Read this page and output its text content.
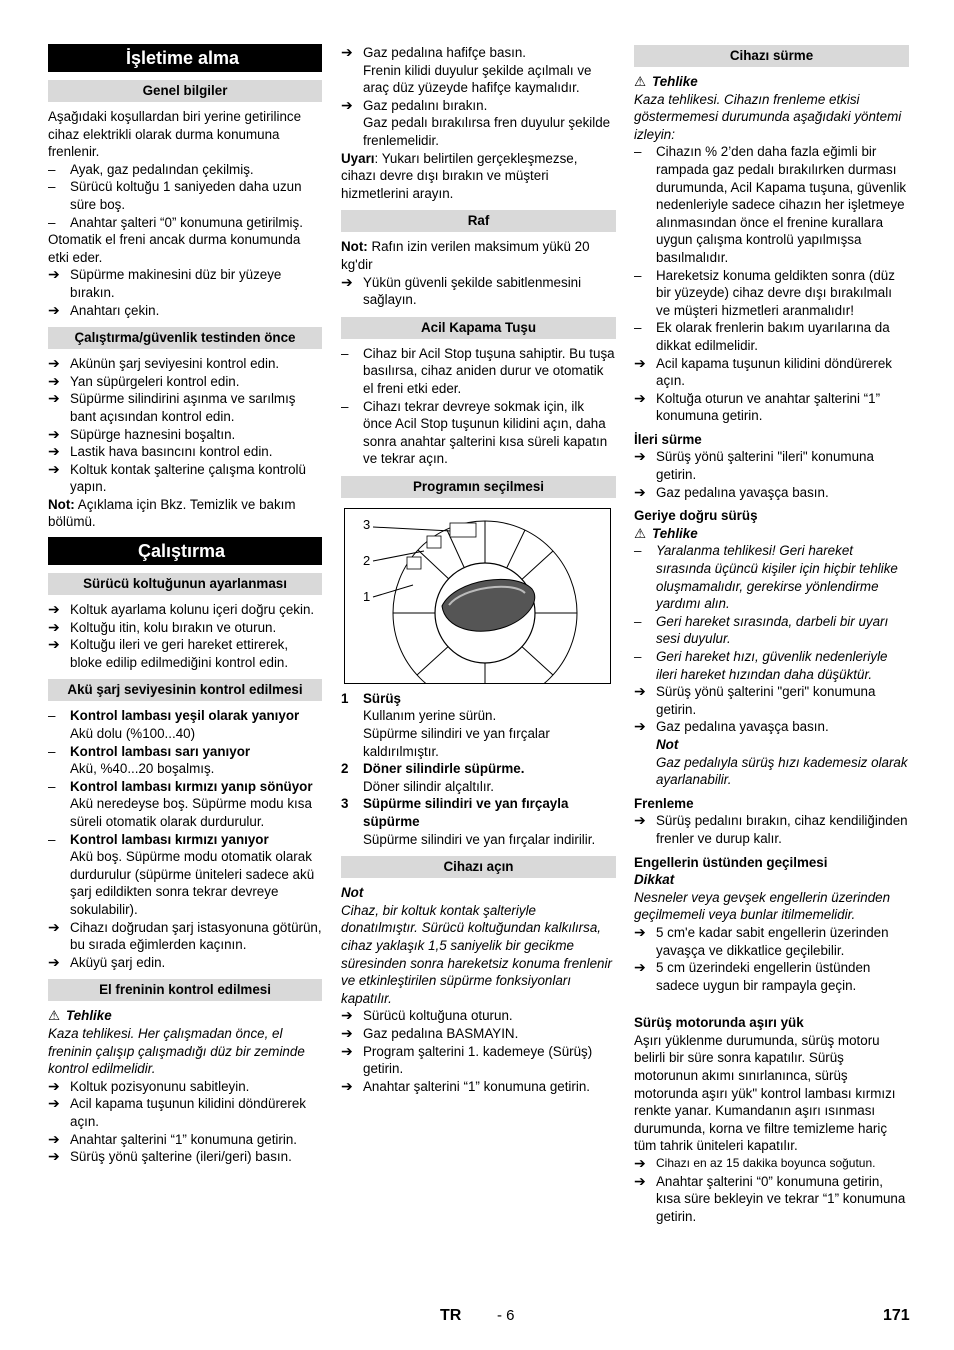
İşletime alma
Genel bilgiler

Aşağıdaki koşullardan biri yerine getirilince cihaz elektrikli olarak durma konumuna frenlenir.

–	Ayak, gaz pedalından çekilmiş.
–	Sürücü koltuğu 1 saniyeden daha uzun süre boş.
–	Anahtar şalteri “0” konumuna getirilmiş.

Otomatik el freni ancak durma konumunda etki eder.

➔ Süpürme makinesini düz bir yüzeye bırakın.
➔ Anahtarı çekin.
Çalıştırma/güvenlik testinden önce
➔ Akünün şarj seviyesini kontrol edin.
➔ Yan süpürgeleri kontrol edin.
➔ Süpürme silindirini aşınma ve sarılmış bant açısından kontrol edin.
➔ Süpürge haznesini boşaltın.
➔ Lastik hava basıncını kontrol edin.
➔ Koltuk kontak şalterine çalışma kontrolü yapın.

Not: Açıklama için Bkz. Temizlik ve bakım bölümü.

Çalıştırma
Sürücü koltuğunun ayarlanması
➔ Koltuk ayarlama kolunu içeri doğru çekin.
➔ Koltuğu itin, kolu bırakın ve oturun.
➔ Koltuğu ileri ve geri hareket ettirerek, bloke edilip edilmediğini kontrol edin.
Akü şarj seviyesinin kontrol edilmesi
–	Kontrol lambası yeşil olarak yanıyor
Akü dolu (%100...40)
–	Kontrol lambası sarı yanıyor
Akü, %40...20 boşalmış.
–	Kontrol lambası kırmızı yanıp sönüyor
Akü neredeyse boş. Süpürme modu kısa süreli otomatik olarak durdurulur.
–	Kontrol lambası kırmızı yanıyor
Akü boş. Süpürme modu otomatik olarak durdurulur (süpürme üniteleri sadece akü şarj edildikten sonra tekrar devreye sokulabilir).
➔ Cihazı doğrudan şarj istasyonuna götürün, bu sırada eğimlerden kaçının.
➔ Aküyü şarj edin.
El freninin kontrol edilmesi
⚠ Tehlike

Kaza tehlikesi. Her çalışmadan önce, el freninin çalışıp çalışmadığı düz bir zeminde kontrol edilmelidir.

➔ Koltuk pozisyonunu sabitleyin.
➔ Acil kapama tuşunun kilidini döndürerek açın.
➔ Anahtar şalterini “1” konumuna getirin.
➔ Sürüş yönü şalterine (ileri/geri) basın.
➔ Gaz pedalına hafifçe basın.
Frenin kilidi duyulur şekilde açılmalı ve araç düz yüzeyde hafifçe kaymalıdır.
➔ Gaz pedalını bırakın.
Gaz pedalı bırakılırsa fren duyulur şekilde frenlemelidir.

Uyarı: Yukarı belirtilen gerçekleşmezse, cihazı devre dışı bırakın ve müşteri hizmetlerini arayın.

Raf

Not: Rafın izin verilen maksimum yükü 20 kg'dir

➔ Yükün güvenli şekilde sabitlenmesini sağlayın.
Acil Kapama Tuşu
–	Cihaz bir Acil Stop tuşuna sahiptir. Bu tuşa basılırsa, cihaz aniden durur ve otomatik el freni etki eder.
–	Cihazı tekrar devreye sokmak için, ilk önce Acil Stop tuşunun kilidini açın, daha sonra anahtar şalterini kısa süreli kapatın ve tekrar açın.
Programın seçilmesi
3
2
1
1 Sürüş
Kullanım yerine sürün.
Süpürme silindiri ve yan fırçalar kaldırılmıştır.
2 Döner silindirle süpürme.
Döner silindir alçaltılır.
3 Süpürme silindiri ve yan fırçayla süpürme
Süpürme silindiri ve yan fırçalar indirilir.
Cihazı açın
Not

Cihaz, bir koltuk kontak şalteriyle donatılmıştır. Sürücü koltuğundan kalkılırsa, cihaz yaklaşık 1,5 saniyelik bir gecikme süresinden sonra hareketsiz konuma frenlenir ve etkinleştirilen süpürme fonksiyonları kapatılır.

➔ Sürücü koltuğuna oturun.
➔ Gaz pedalına BASMAYIN.
➔ Program şalterini 1. kademeye (Sürüş) getirin.
➔ Anahtar şalterini “1” konumuna getirin.
Cihazı sürme
⚠ Tehlike

Kaza tehlikesi. Cihazın frenleme etkisi göstermemesi durumunda aşağıdaki yöntemi izleyin:

–	Cihazın % 2’den daha fazla eğimli bir rampada gaz pedalı bırakılırken durması durumunda, Acil Kapama tuşuna, güvenlik nedenleriyle sadece cihazın her işletmeye alınmasından önce el frenine kurallara uygun çalışma kontrolü yapılmışsa basılmalıdır.
–	Hareketsiz konuma geldikten sonra (düz bir yüzeyde) cihaz devre dışı bırakılmalı ve müşteri hizmetleri aranmalıdır!
–	Ek olarak frenlerin bakım uyarılarına da dikkat edilmelidir.
➔ Acil kapama tuşunun kilidini döndürerek açın.
➔ Koltuğa oturun ve anahtar şalterini “1” konumuna getirin.
İleri sürme
➔ Sürüş yönü şalterini "ileri" konumuna getirin.
➔ Gaz pedalına yavaşça basın.
Geriye doğru sürüş
⚠ Tehlike
–	Yaralanma tehlikesi! Geri hareket sırasında üçüncü kişiler için hiçbir tehlike oluşmamalıdır, gerekirse yönlendirme yardımı alın.
–	Geri hareket sırasında, darbeli bir uyarı sesi duyulur.
–	Geri hareket hızı, güvenlik nedenleriyle ileri hareket hızından daha düşüktür.
➔ Sürüş yönü şalterini "geri" konumuna getirin.
➔ Gaz pedalına yavaşça basın.
Not
Gaz pedalıyla sürüş hızı kademesiz olarak ayarlanabilir.
Frenleme
➔ Sürüş pedalını bırakın, cihaz kendiliğinden frenler ve durup kalır.
Engellerin üstünden geçilmesi
Dikkat

Nesneler veya gevşek engellerin üzerinden geçilmemeli veya bunlar itilmemelidir.

➔ 5 cm'e kadar sabit engellerin üzerinden yavaşça ve dikkatlice geçilebilir.
➔ 5 cm üzerindeki engellerin üstünden sadece uygun bir rampayla geçin.
Sürüş motorunda aşırı yük

Aşırı yüklenme durumunda, sürüş motoru belirli bir süre sonra kapatılır. Sürüş motorunun akımı sınırlanınca, sürüş motorunda aşırı yük" kontrol lambası kırmızı renkte yanar. Kumandanın aşırı ısınması durumunda, korna ve filtre temizleme hariç tüm tahrik üniteleri kapatılır.

➔ Cihazı en az 15 dakika boyunca soğutun.
➔ Anahtar şalterini “0” konumuna getirin, kısa süre bekleyin ve tekrar “1” konumuna getirin.
TR - 6	171
